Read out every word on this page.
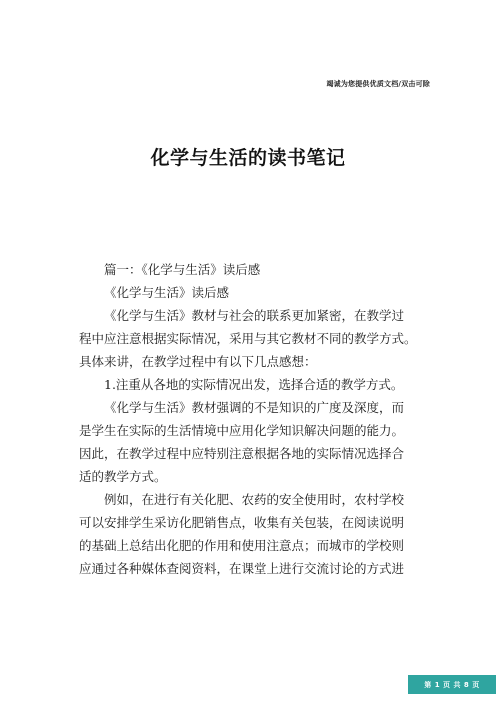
竭诚为您提供优质文档/双击可除
化学与生活的读书笔记
篇一：《化学与生活》读后感
《化学与生活》读后感
《化学与生活》教材与社会的联系更加紧密，在教学过
程中应注意根据实际情况，采用与其它教材不同的教学方式。
具体来讲，在教学过程中有以下几点感想：
1.注重从各地的实际情况出发，选择合适的教学方式。
《化学与生活》教材强调的不是知识的广度及深度，而
是学生在实际的生活情境中应用化学知识解决问题的能力。
因此，在教学过程中应特别注意根据各地的实际情况选择合
适的教学方式。
例如，在进行有关化肥、农药的安全使用时，农村学校
可以安排学生采访化肥销售点，收集有关包装，在阅读说明
的基础上总结出化肥的作用和使用注意点；而城市的学校则
应通过各种媒体查阅资料，在课堂上进行交流讨论的方式进
第 1 页 共 8 页
